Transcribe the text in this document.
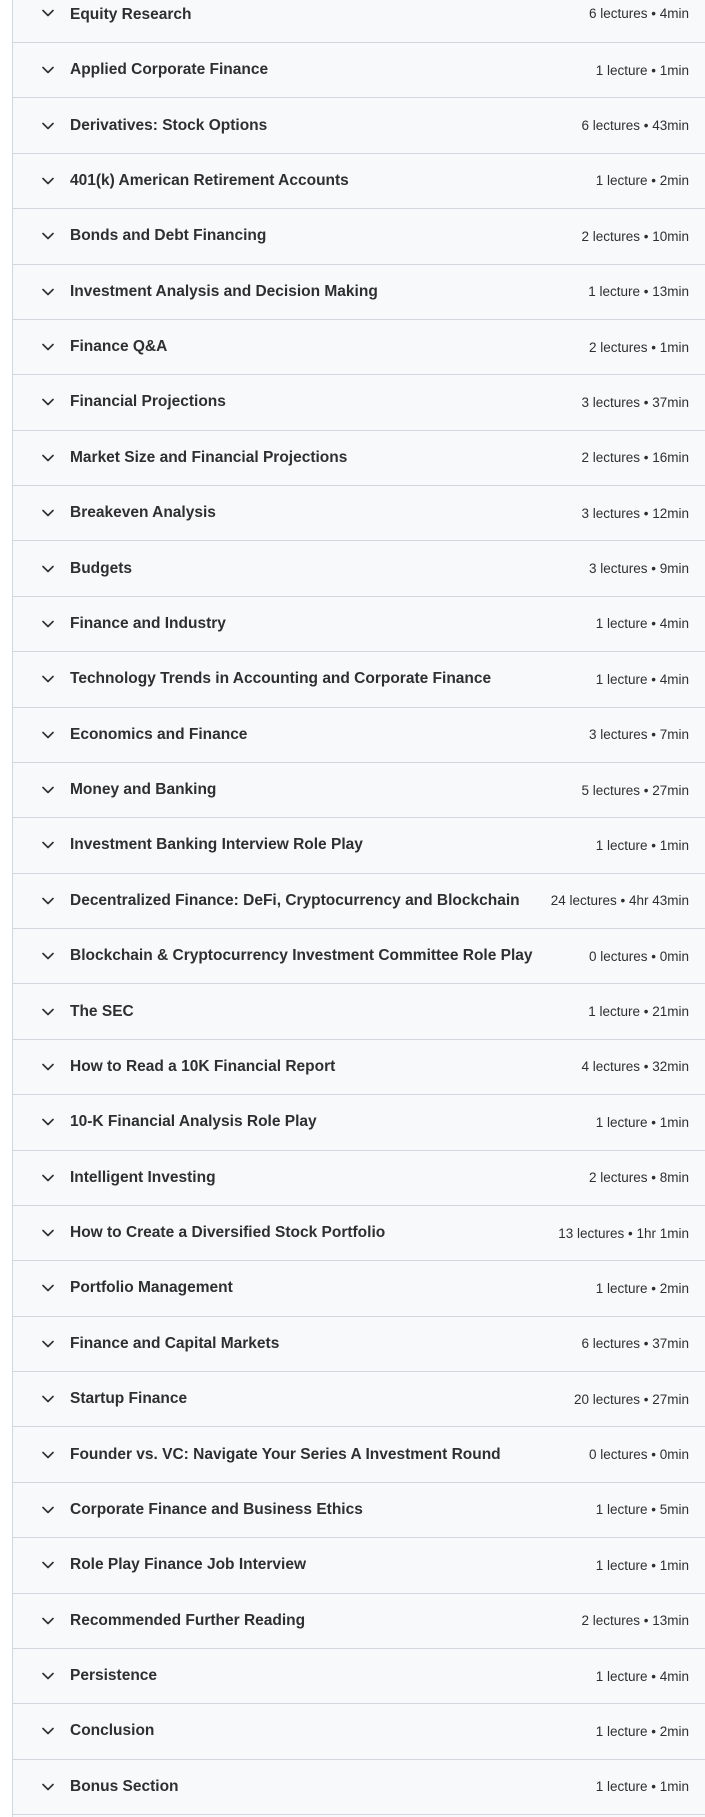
Equity Research	6 lectures • 4min
Applied Corporate Finance	1 lecture • 1min
Derivatives: Stock Options	6 lectures • 43min
401(k) American Retirement Accounts	1 lecture • 2min
Bonds and Debt Financing	2 lectures • 10min
Investment Analysis and Decision Making	1 lecture • 13min
Finance Q&A	2 lectures • 1min
Financial Projections	3 lectures • 37min
Market Size and Financial Projections	2 lectures • 16min
Breakeven Analysis	3 lectures • 12min
Budgets	3 lectures • 9min
Finance and Industry	1 lecture • 4min
Technology Trends in Accounting and Corporate Finance	1 lecture • 4min
Economics and Finance	3 lectures • 7min
Money and Banking	5 lectures • 27min
Investment Banking Interview Role Play	1 lecture • 1min
Decentralized Finance: DeFi, Cryptocurrency and Blockchain 24 lectures • 4hr 43min
Blockchain & Cryptocurrency Investment Committee Role Play	0 lectures • 0min
The SEC	1 lecture • 21min
How to Read a 10K Financial Report	4 lectures • 32min
10-K Financial Analysis Role Play	1 lecture • 1min
Intelligent Investing	2 lectures • 8min
How to Create a Diversified Stock Portfolio	13 lectures • 1hr 1min
Portfolio Management	1 lecture • 2min
Finance and Capital Markets	6 lectures • 37min
Startup Finance	20 lectures • 27min
Founder vs. VC: Navigate Your Series A Investment Round	0 lectures • 0min
Corporate Finance and Business Ethics	1 lecture • 5min
Role Play Finance Job Interview	1 lecture • 1min
Recommended Further Reading	2 lectures • 13min
Persistence	1 lecture • 4min
Conclusion	1 lecture • 2min
Bonus Section	1 lecture • 1min
